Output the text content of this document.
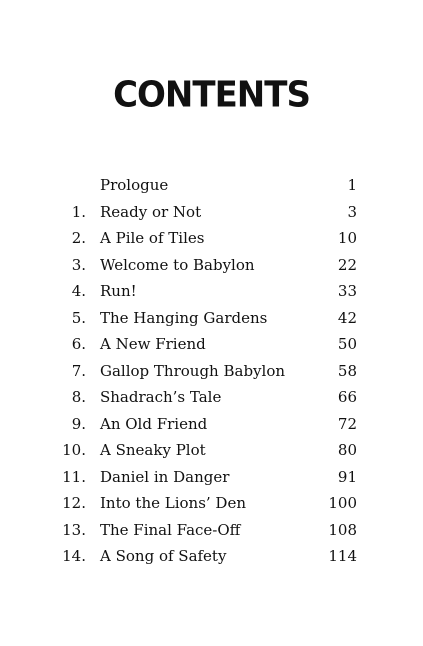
CONTENTS
Prologue	1
1. Ready or Not	3
2. A Pile of Tiles	10
3. Welcome to Babylon	22
4. Run!	33
5. The Hanging Gardens	42
6. A New Friend	50
7. Gallop Through Babylon	58
8. Shadrach’s Tale	66
9. An Old Friend	72
10. A Sneaky Plot	80
11. Daniel in Danger	91
12. Into the Lions’ Den	100
13. The Final Face-Off	108
14. A Song of Safety	114
